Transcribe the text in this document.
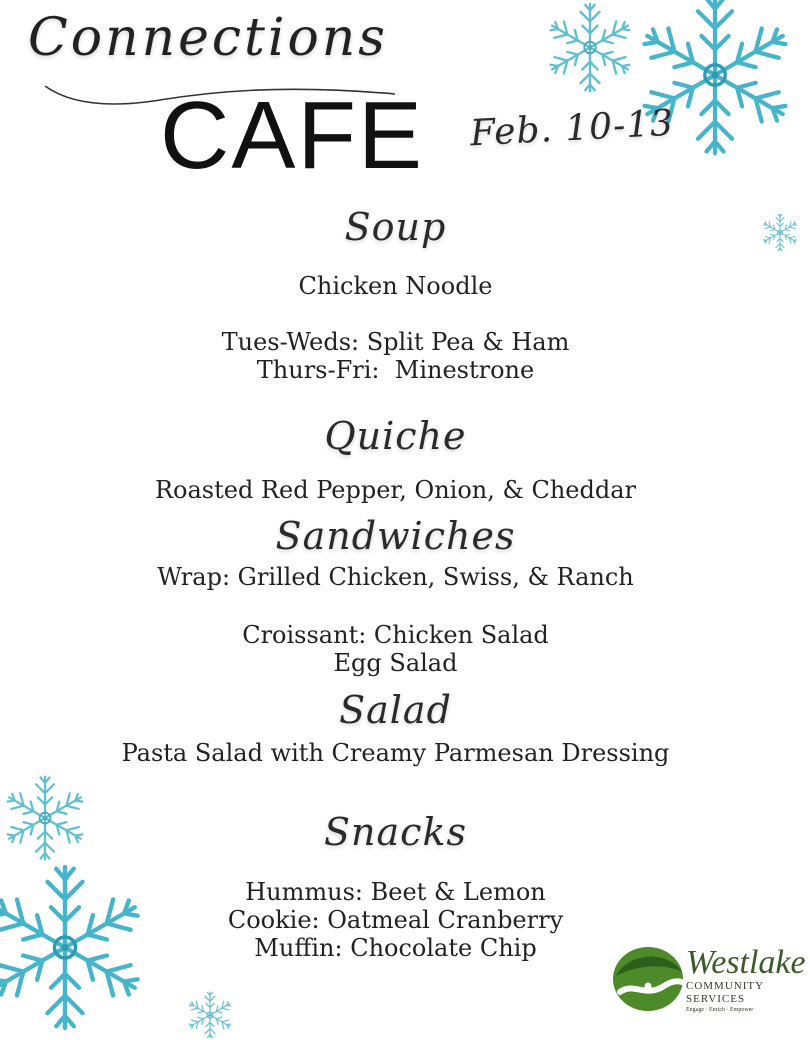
Connections
CAFE Feb. 10-13
Soup
Chicken Noodle
Tues-Weds: Split Pea & Ham
Thurs-Fri:  Minestrone
Quiche
Roasted Red Pepper, Onion, & Cheddar
Sandwiches
Wrap: Grilled Chicken, Swiss, & Ranch
Croissant: Chicken Salad
Egg Salad
Salad
Pasta Salad with Creamy Parmesan Dressing
Snacks
Hummus: Beet & Lemon
Cookie: Oatmeal Cranberry
Muffin: Chocolate Chip	Westlake
COMMUNITY
SERVICES
Engage · Enrich · Empower
